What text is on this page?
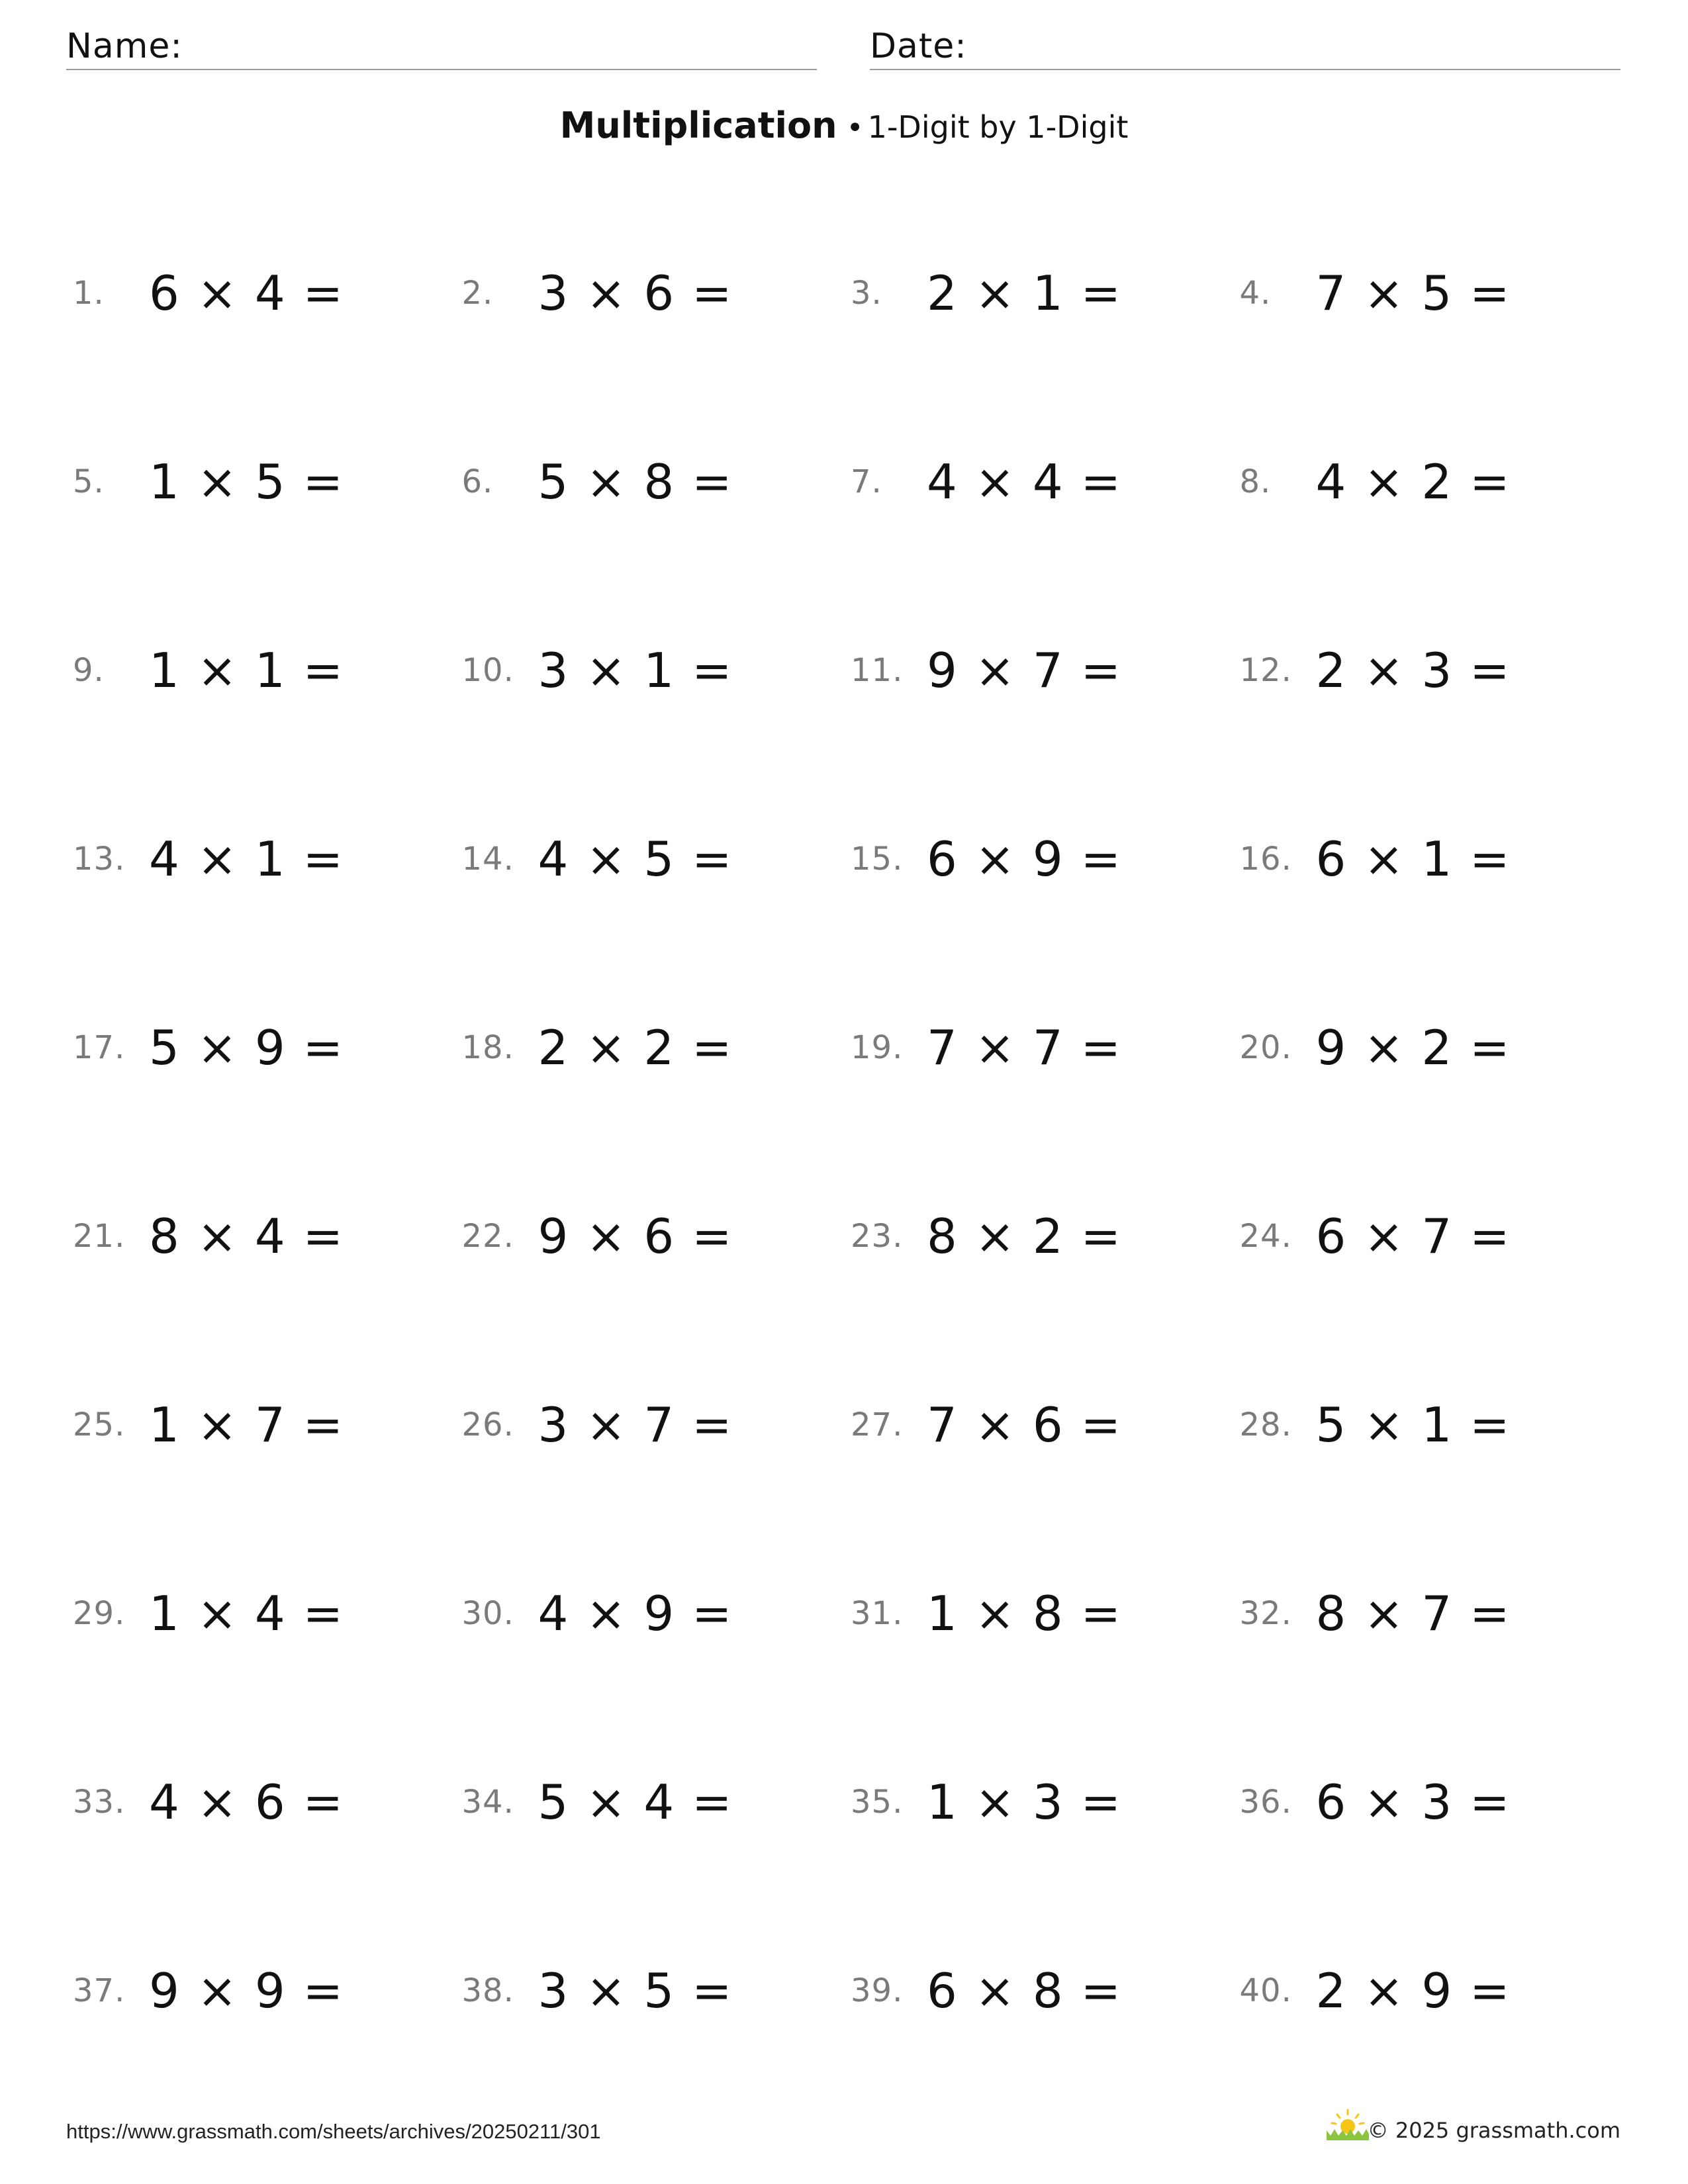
Name:	Date:
Multiplication • 1-Digit by 1-Digit
1. 6 × 4 =	2. 3 × 6 =	3. 2 × 1 =	4. 7 × 5 =
5. 1 × 5 =	6. 5 × 8 =	7. 4 × 4 =	8. 4 × 2 =
9. 1 × 1 =	10. 3 × 1 =	11. 9 × 7 =	12. 2 × 3 =
13. 4 × 1 =	14. 4 × 5 =	15. 6 × 9 =	16. 6 × 1 =
17. 5 × 9 =	18. 2 × 2 =	19. 7 × 7 =	20. 9 × 2 =
21. 8 × 4 =	22. 9 × 6 =	23. 8 × 2 =	24. 6 × 7 =
25. 1 × 7 =	26. 3 × 7 =	27. 7 × 6 =	28. 5 × 1 =
29. 1 × 4 =	30. 4 × 9 =	31. 1 × 8 =	32. 8 × 7 =
33. 4 × 6 =	34. 5 × 4 =	35. 1 × 3 =	36. 6 × 3 =
37. 9 × 9 =	38. 3 × 5 =	39. 6 × 8 =	40. 2 × 9 =
https://www.grassmath.com/sheets/archives/20250211/301	© 2025 grassmath.com
